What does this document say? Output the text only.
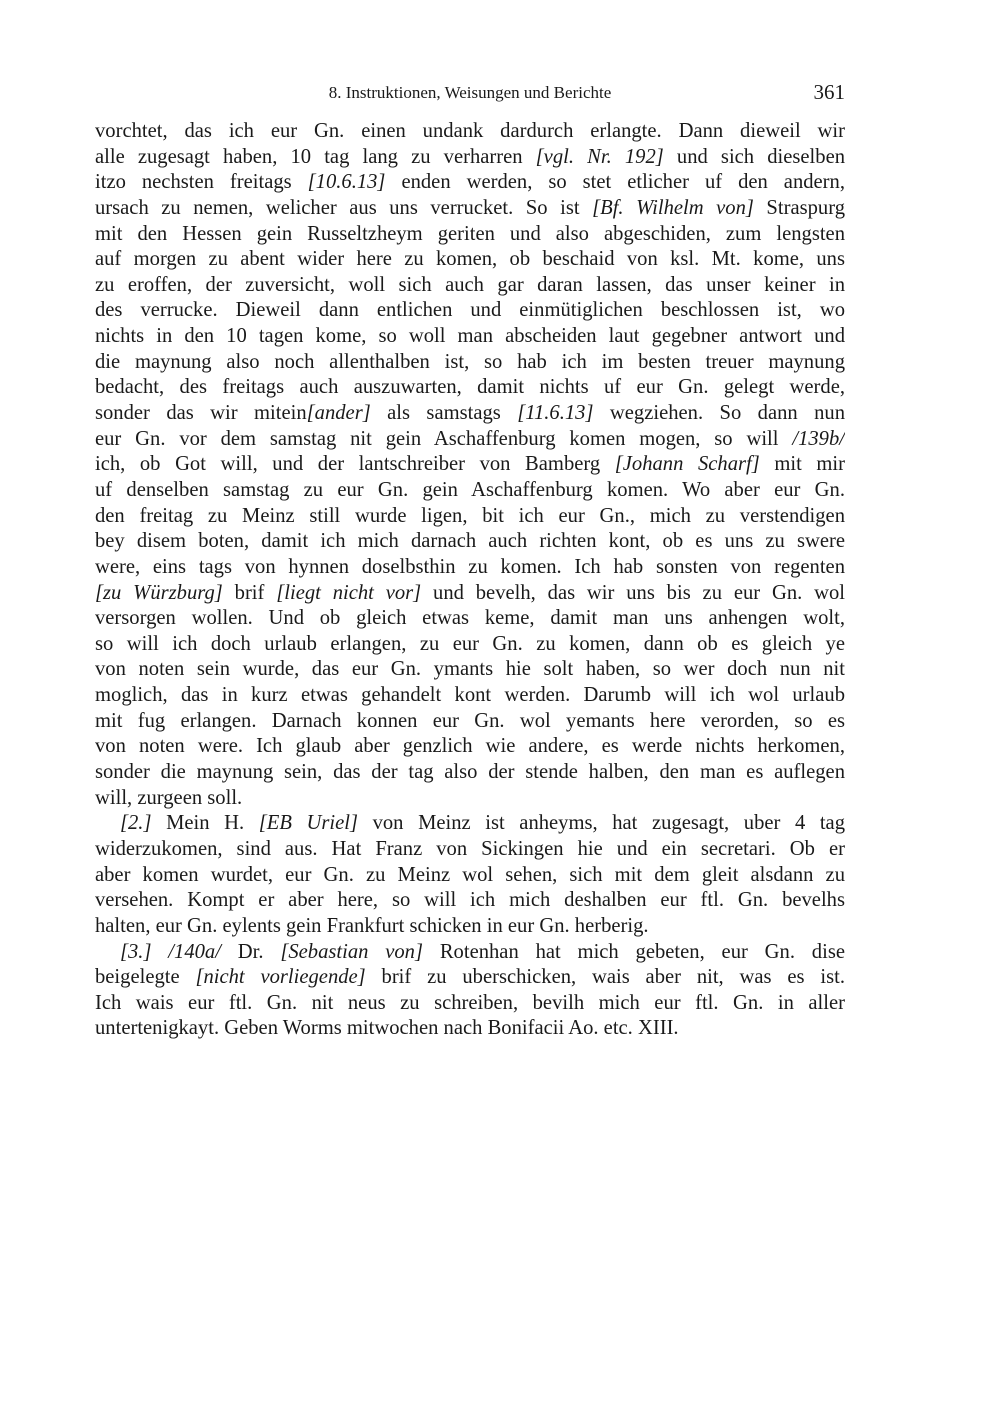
8. Instruktionen, Weisungen und Berichte	361
vorchtet, das ich eur Gn. einen undank dardurch erlangte. Dann dieweil wir
alle zugesagt haben, 10 tag lang zu verharren [vgl. Nr. 192] und sich dieselben
itzo nechsten freitags [10.6.13] enden werden, so stet etlicher uf den andern,
ursach zu nemen, welicher aus uns verrucket. So ist [Bf. Wilhelm von] Straspurg
mit den Hessen gein Russeltzheym geriten und also abgeschiden, zum lengsten
auf morgen zu abent wider here zu komen, ob beschaid von ksl. Mt. kome, uns
zu eroffen, der zuversicht, woll sich auch gar daran lassen, das unser keiner in
des verrucke. Dieweil dann entlichen und einmütiglichen beschlossen ist, wo
nichts in den 10 tagen kome, so woll man abscheiden laut gegebner antwort und
die maynung also noch allenthalben ist, so hab ich im besten treuer maynung
bedacht, des freitags auch auszuwarten, damit nichts uf eur Gn. gelegt werde,
sonder das wir mitein[ander] als samstags [11.6.13] wegziehen. So dann nun
eur Gn. vor dem samstag nit gein Aschaffenburg komen mogen, so will /139b/
ich, ob Got will, und der lantschreiber von Bamberg [Johann Scharf] mit mir
uf denselben samstag zu eur Gn. gein Aschaffenburg komen. Wo aber eur Gn.
den freitag zu Meinz still wurde ligen, bit ich eur Gn., mich zu verstendigen
bey disem boten, damit ich mich darnach auch richten kont, ob es uns zu swere
were, eins tags von hynnen doselbsthin zu komen. Ich hab sonsten von regenten
[zu Würzburg] brif [liegt nicht vor] und bevelh, das wir uns bis zu eur Gn. wol
versorgen wollen. Und ob gleich etwas keme, damit man uns anhengen wolt,
so will ich doch urlaub erlangen, zu eur Gn. zu komen, dann ob es gleich ye
von noten sein wurde, das eur Gn. ymants hie solt haben, so wer doch nun nit
moglich, das in kurz etwas gehandelt kont werden. Darumb will ich wol urlaub
mit fug erlangen. Darnach konnen eur Gn. wol yemants here verorden, so es
von noten were. Ich glaub aber genzlich wie andere, es werde nichts herkomen,
sonder die maynung sein, das der tag also der stende halben, den man es auflegen
will, zurgeen soll.
[2.] Mein H. [EB Uriel] von Meinz ist anheyms, hat zugesagt, uber 4 tag
widerzukomen, sind aus. Hat Franz von Sickingen hie und ein secretari. Ob er
aber komen wurdet, eur Gn. zu Meinz wol sehen, sich mit dem gleit alsdann zu
versehen. Kompt er aber here, so will ich mich deshalben eur ftl. Gn. bevelhs
halten, eur Gn. eylents gein Frankfurt schicken in eur Gn. herberig.
[3.] /140a/ Dr. [Sebastian von] Rotenhan hat mich gebeten, eur Gn. dise
beigelegte [nicht vorliegende] brif zu uberschicken, wais aber nit, was es ist.
Ich wais eur ftl. Gn. nit neus zu schreiben, bevilh mich eur ftl. Gn. in aller
untertenigkayt. Geben Worms mitwochen nach Bonifacii Ao. etc. XIII.
